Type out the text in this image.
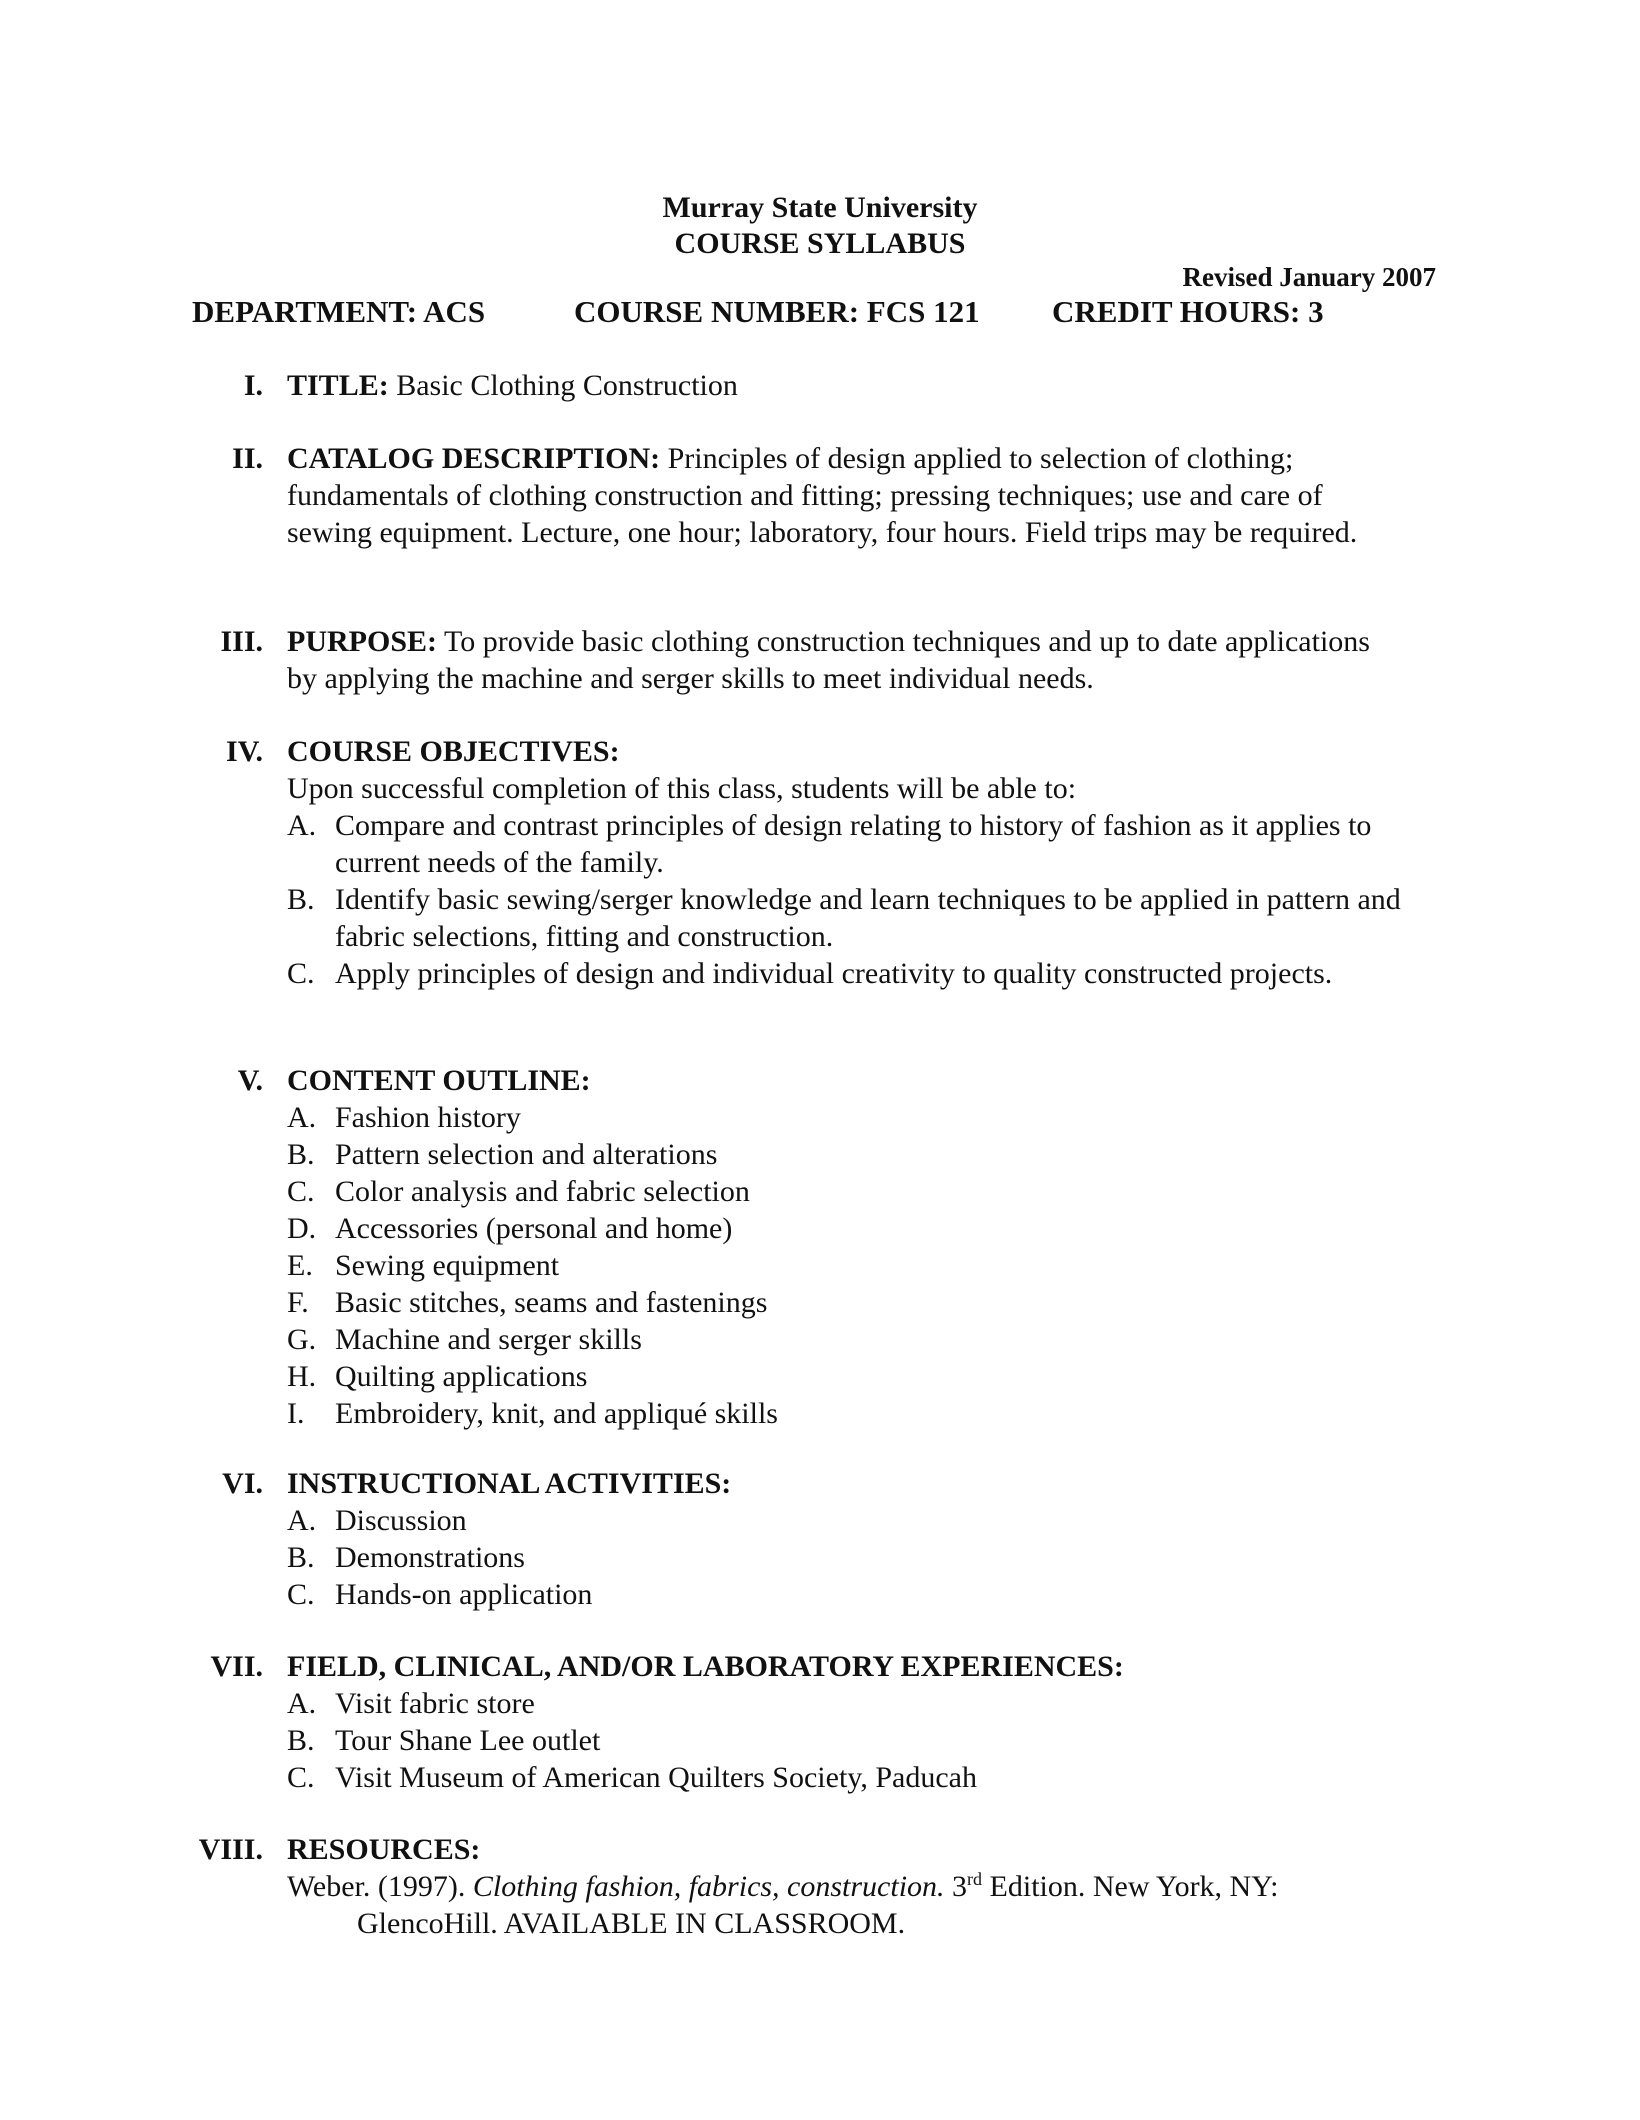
Murray State University
COURSE SYLLABUS
Revised January 2007
DEPARTMENT: ACS	COURSE NUMBER: FCS 121 CREDIT HOURS: 3
I. TITLE: Basic Clothing Construction
II. CATALOG DESCRIPTION: Principles of design applied to selection of clothing; fundamentals of clothing construction and fitting; pressing techniques; use and care of sewing equipment. Lecture, one hour; laboratory, four hours. Field trips may be required.
III. PURPOSE: To provide basic clothing construction techniques and up to date applications by applying the machine and serger skills to meet individual needs.
IV. COURSE OBJECTIVES:
Upon successful completion of this class, students will be able to:
A. Compare and contrast principles of design relating to history of fashion as it applies to current needs of the family.
B. Identify basic sewing/serger knowledge and learn techniques to be applied in pattern and fabric selections, fitting and construction.
C. Apply principles of design and individual creativity to quality constructed projects.
V. CONTENT OUTLINE:
A. Fashion history
B. Pattern selection and alterations
C. Color analysis and fabric selection
D. Accessories (personal and home)
E. Sewing equipment
F. Basic stitches, seams and fastenings
G. Machine and serger skills
H. Quilting applications
I. Embroidery, knit, and appliqué skills
VI. INSTRUCTIONAL ACTIVITIES:
A. Discussion
B. Demonstrations
C. Hands-on application
VII. FIELD, CLINICAL, AND/OR LABORATORY EXPERIENCES:
A. Visit fabric store
B. Tour Shane Lee outlet
C. Visit Museum of American Quilters Society, Paducah
VIII. RESOURCES:
Weber. (1997). Clothing fashion, fabrics, construction. 3rd Edition. New York, NY: GlencoHill. AVAILABLE IN CLASSROOM.
